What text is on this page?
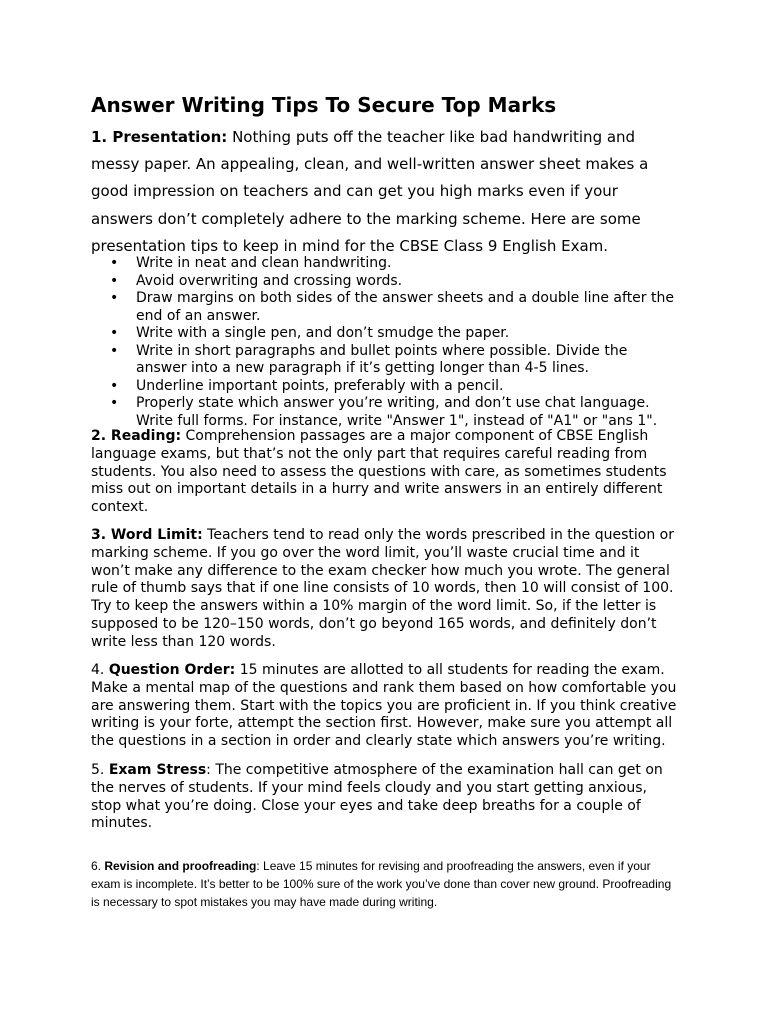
Answer Writing Tips To Secure Top Marks

1. Presentation: Nothing puts off the teacher like bad handwriting and messy paper. An appealing, clean, and well-written answer sheet makes a good impression on teachers and can get you high marks even if your answers don’t completely adhere to the marking scheme. Here are some presentation tips to keep in mind for the CBSE Class 9 English Exam.

• Write in neat and clean handwriting.
• Avoid overwriting and crossing words.
• Draw margins on both sides of the answer sheets and a double line after the end of an answer.
• Write with a single pen, and don’t smudge the paper.
• Write in short paragraphs and bullet points where possible. Divide the answer into a new paragraph if it’s getting longer than 4-5 lines.
• Underline important points, preferably with a pencil.
• Properly state which answer you’re writing, and don’t use chat language. Write full forms. For instance, write "Answer 1", instead of "A1" or "ans 1".

2. Reading: Comprehension passages are a major component of CBSE English language exams, but that’s not the only part that requires careful reading from students. You also need to assess the questions with care, as sometimes students miss out on important details in a hurry and write answers in an entirely different context.

3. Word Limit: Teachers tend to read only the words prescribed in the question or marking scheme. If you go over the word limit, you’ll waste crucial time and it won’t make any difference to the exam checker how much you wrote. The general rule of thumb says that if one line consists of 10 words, then 10 will consist of 100. Try to keep the answers within a 10% margin of the word limit. So, if the letter is supposed to be 120–150 words, don’t go beyond 165 words, and definitely don’t write less than 120 words.

4. Question Order: 15 minutes are allotted to all students for reading the exam. Make a mental map of the questions and rank them based on how comfortable you are answering them. Start with the topics you are proficient in. If you think creative writing is your forte, attempt the section first. However, make sure you attempt all the questions in a section in order and clearly state which answers you’re writing.

5. Exam Stress: The competitive atmosphere of the examination hall can get on the nerves of students. If your mind feels cloudy and you start getting anxious, stop what you’re doing. Close your eyes and take deep breaths for a couple of minutes.

6. Revision and proofreading: Leave 15 minutes for revising and proofreading the answers, even if your exam is incomplete. It’s better to be 100% sure of the work you’ve done than cover new ground. Proofreading is necessary to spot mistakes you may have made during writing.
